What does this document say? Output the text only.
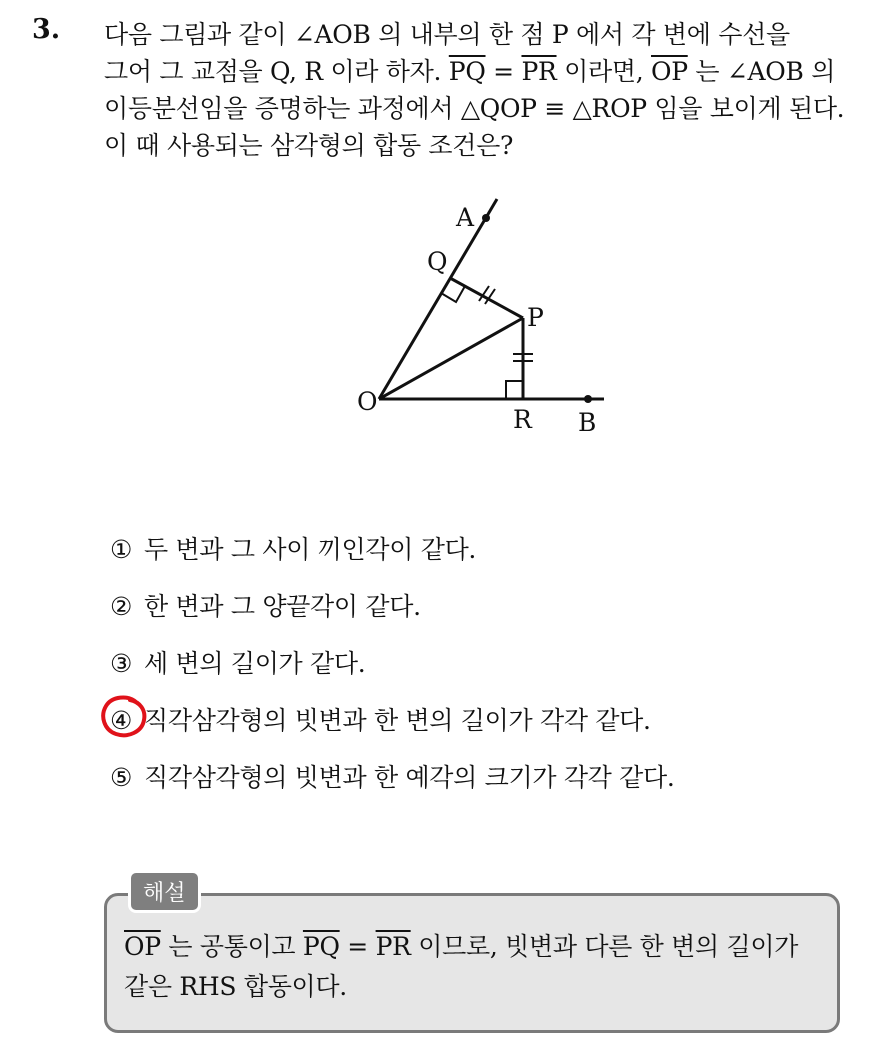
3. 다음 그림과 같이 ∠AOB 의 내부의 한 점 P 에서 각 변에 수선을
그어 그 교점을 Q, R 이라 하자. $\overline{PQ} = \overline{PR}$ 이라면, $\overline{OP}$ 는 ∠AOB 의
이등분선임을 증명하는 과정에서 △QOP ≡ △ROP 임을 보이게 된다.
이 때 사용되는 삼각형의 합동 조건은?
A
Q
P
O
R B
① 두 변과 그 사이 끼인각이 같다.
② 한 변과 그 양끝각이 같다.
③ 세 변의 길이가 같다.
④ 직각삼각형의 빗변과 한 변의 길이가 각각 같다.
⑤ 직각삼각형의 빗변과 한 예각의 크기가 각각 같다.
해설
$\overline{OP}$ 는 공통이고 $\overline{PQ} = \overline{PR}$ 이므로, 빗변과 다른 한 변의 길이가
같은 RHS 합동이다.
